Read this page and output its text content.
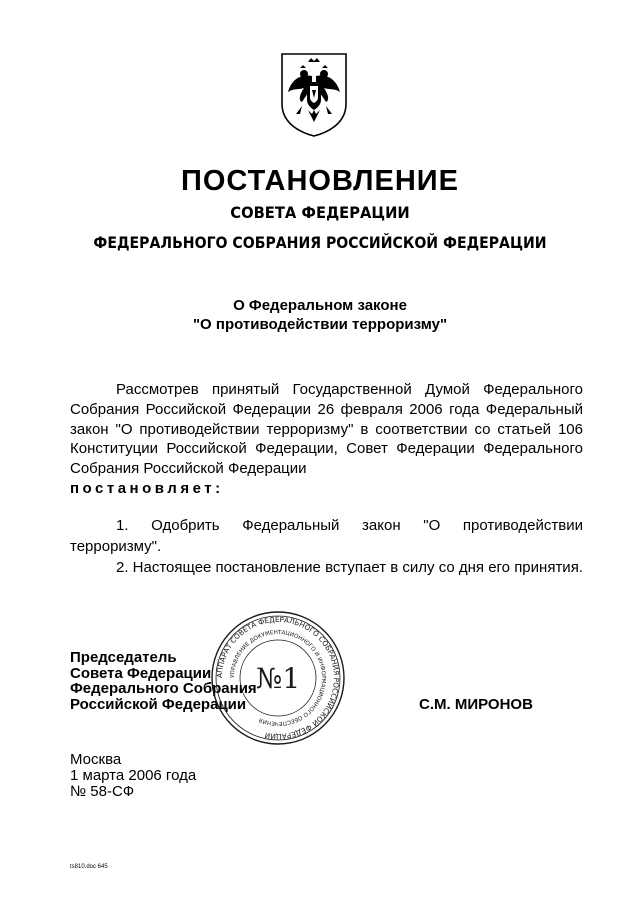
ПОСТАНОВЛЕНИЕ
СОВЕТА ФЕДЕРАЦИИ
ФЕДЕРАЛЬНОГО СОБРАНИЯ РОССИЙСКОЙ ФЕДЕРАЦИИ
О Федеральном законе
"О противодействии терроризму"

Рассмотрев принятый Государственной Думой Федерального Собрания Российской Федерации 26 февраля 2006 года Федеральный закон "О противодействии терроризму" в соответствии со статьей 106 Конституции Российской Федерации, Совет Федерации Федерального Собрания Российской Федерации

постановляет:

1. Одобрить Федеральный закон "О противодействии терроризму".

2. Настоящее постановление вступает в силу со дня его принятия.

Председатель
Совета Федерации
Федерального Собрания
Российской Федерации	С.М. МИРОНОВ
АППАРАТ СОВЕТА ФЕДЕРАЛЬНОГО СОБРАНИЯ РОССИЙСКОЙ ФЕДЕРАЦИИ
УПРАВЛЕНИЕ ДОКУМЕНТАЦИОННОГО И ИНФОРМАЦИОННОГО ОБЕСПЕЧЕНИЯ
№1
Москва
1 марта 2006 года
№ 58-СФ
ts810.doc 645
